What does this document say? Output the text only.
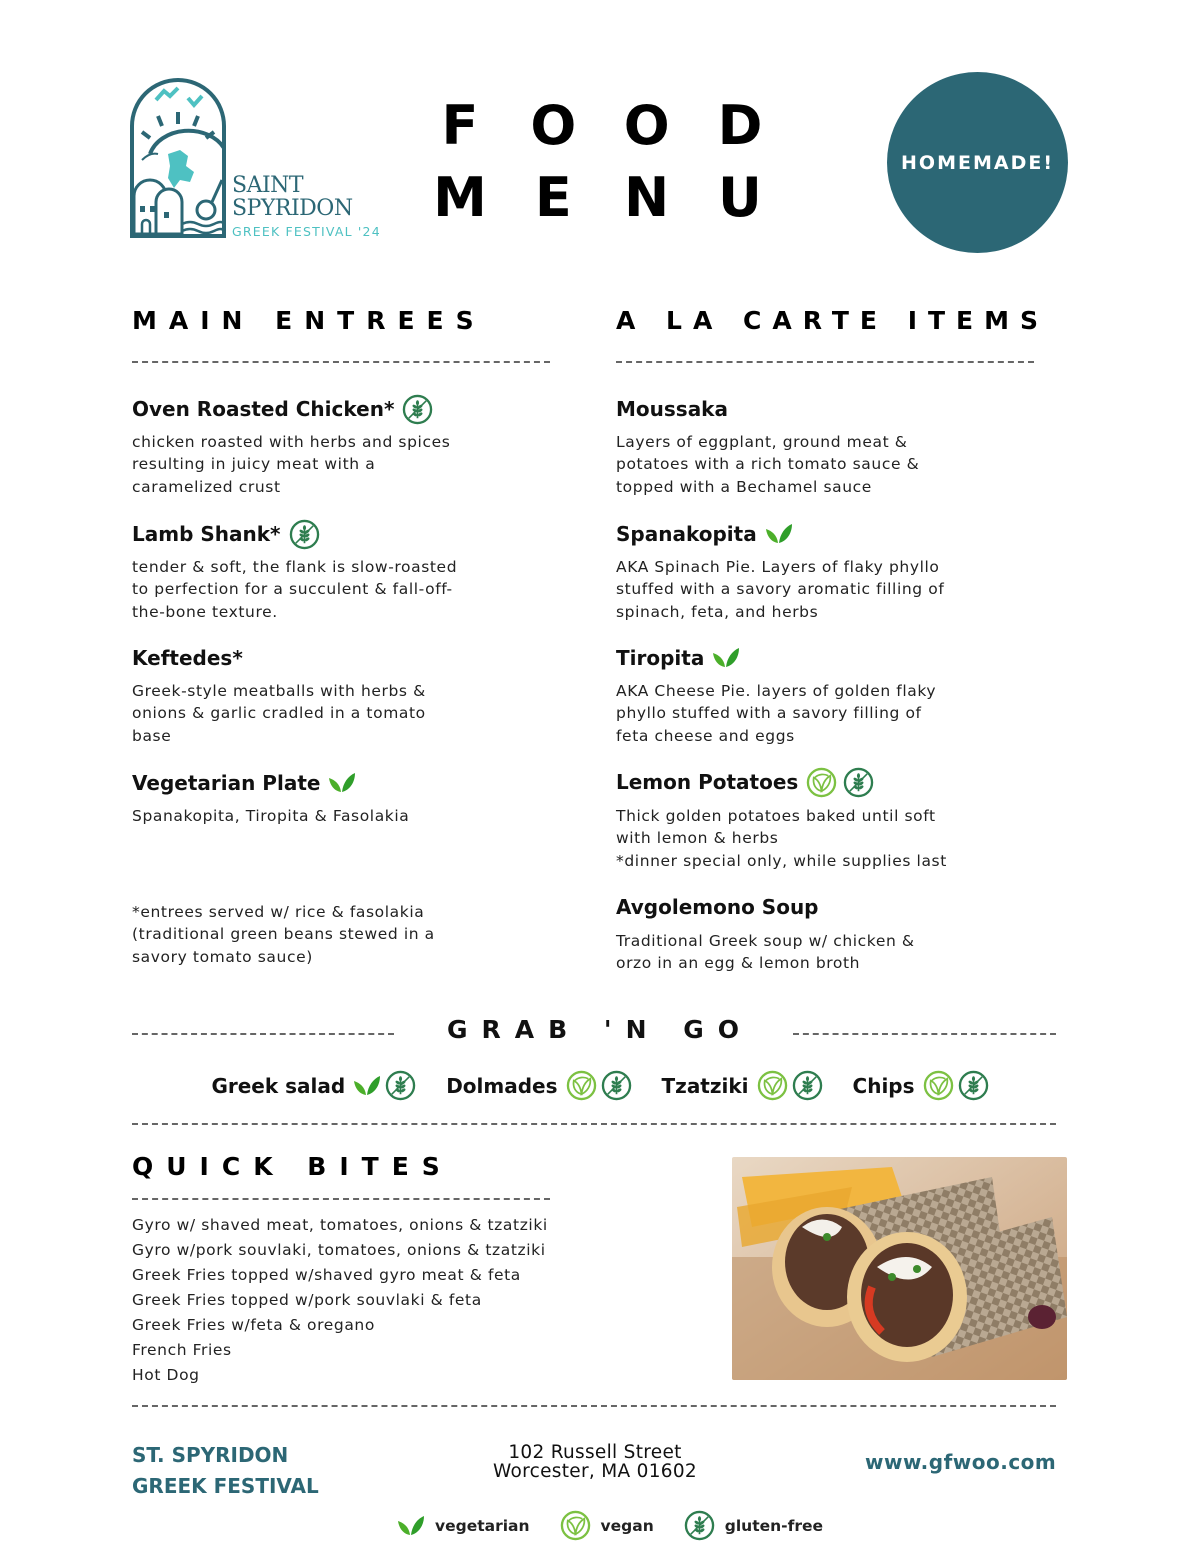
SAINT
SPYRIDON
GREEK FESTIVAL '24
F O O D
M E N U
HOMEMADE!
MAIN ENTREES
Oven Roasted Chicken*
chicken roasted with herbs and spices
resulting in juicy meat with a
caramelized crust
Lamb Shank*
tender & soft, the flank is slow-roasted
to perfection for a succulent & fall-off-
the-bone texture.
Keftedes*
Greek-style meatballs with herbs &
onions & garlic cradled in a tomato
base
Vegetarian Plate
Spanakopita, Tiropita & Fasolakia
*entrees served w/ rice & fasolakia
(traditional green beans stewed in a
savory tomato sauce)
A LA CARTE ITEMS
Moussaka
Layers of eggplant, ground meat &
potatoes with a rich tomato sauce &
topped with a Bechamel sauce
Spanakopita
AKA Spinach Pie. Layers of flaky phyllo
stuffed with a savory aromatic filling of
spinach, feta, and herbs
Tiropita
AKA Cheese Pie. layers of golden flaky
phyllo stuffed with a savory filling of
feta cheese and eggs
Lemon Potatoes
Thick golden potatoes baked until soft
with lemon & herbs
*dinner special only, while supplies last
Avgolemono Soup
Traditional Greek soup w/ chicken &
orzo in an egg & lemon broth
GRAB 'N GO
Greek salad	Dolmades	Tzatziki	Chips
QUICK BITES
Gyro w/ shaved meat, tomatoes, onions & tzatziki
Gyro w/pork souvlaki, tomatoes, onions & tzatziki
Greek Fries topped w/shaved gyro meat & feta
Greek Fries topped w/pork souvlaki & feta
Greek Fries w/feta & oregano
French Fries
Hot Dog
ST. SPYRIDON
GREEK FESTIVAL
102 Russell Street
Worcester, MA 01602	www.gfwoo.com
vegetarian	vegan	gluten-free
